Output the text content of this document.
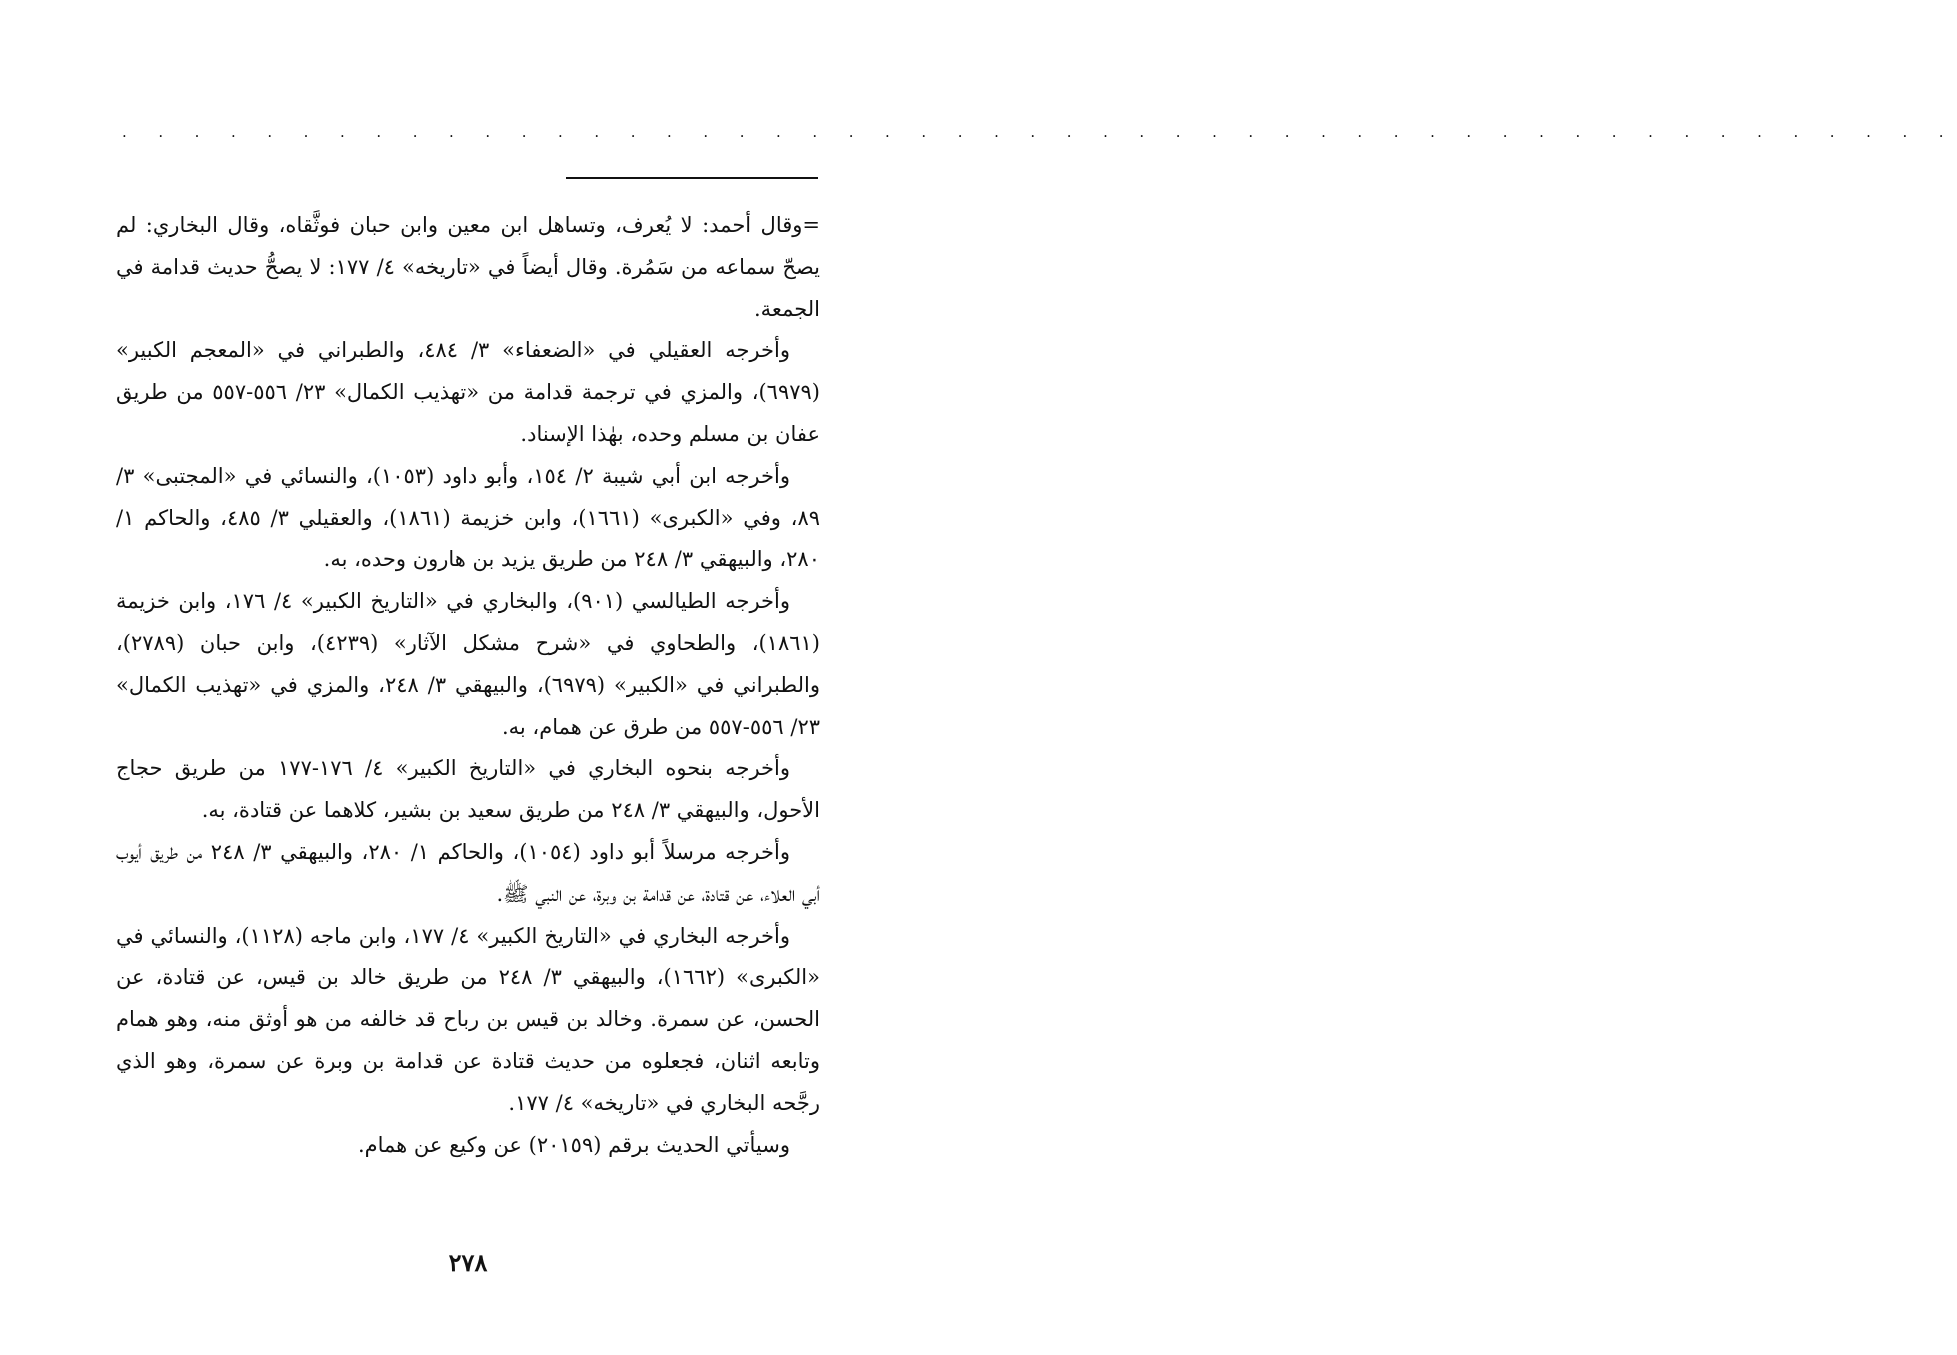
· · · · · · · · · · · · · · · · · · · · · · · · · · · · · · · · · · · · · · · · · · · · · · · · · · ·

=وقال أحمد: لا يُعرف، وتساهل ابن معين وابن حبان فوثَّقاه، وقال البخاري: لم يصحّ سماعه من سَمُرة. وقال أيضاً في «تاريخه» ٤/ ١٧٧: لا يصحُّ حديث قدامة في الجمعة.

وأخرجه العقيلي في «الضعفاء» ٣/ ٤٨٤، والطبراني في «المعجم الكبير» (٦٩٧٩)، والمزي في ترجمة قدامة من «تهذيب الكمال» ٢٣/ ٥٥٦-٥٥٧ من طريق عفان بن مسلم وحده، بهٰذا الإسناد.

وأخرجه ابن أبي شيبة ٢/ ١٥٤، وأبو داود (١٠٥٣)، والنسائي في «المجتبى» ٣/ ٨٩، وفي «الكبرى» (١٦٦١)، وابن خزيمة (١٨٦١)، والعقيلي ٣/ ٤٨٥، والحاكم ١/ ٢٨٠، والبيهقي ٣/ ٢٤٨ من طريق يزيد بن هارون وحده، به.

وأخرجه الطيالسي (٩٠١)، والبخاري في «التاريخ الكبير» ٤/ ١٧٦، وابن خزيمة (١٨٦١)، والطحاوي في «شرح مشكل الآثار» (٤٢٣٩)، وابن حبان (٢٧٨٩)، والطبراني في «الكبير» (٦٩٧٩)، والبيهقي ٣/ ٢٤٨، والمزي في «تهذيب الكمال» ٢٣/ ٥٥٦-٥٥٧ من طرق عن همام، به.

وأخرجه بنحوه البخاري في «التاريخ الكبير» ٤/ ١٧٦-١٧٧ من طريق حجاج الأحول، والبيهقي ٣/ ٢٤٨ من طريق سعيد بن بشير، كلاهما عن قتادة، به.

وأخرجه مرسلاً أبو داود (١٠٥٤)، والحاكم ١/ ٢٨٠، والبيهقي ٣/ ٢٤٨ من طريق أيوب أبي العلاء، عن قتادة، عن قدامة بن وبرة، عن النبي ﷺ.

وأخرجه البخاري في «التاريخ الكبير» ٤/ ١٧٧، وابن ماجه (١١٢٨)، والنسائي في «الكبرى» (١٦٦٢)، والبيهقي ٣/ ٢٤٨ من طريق خالد بن قيس، عن قتادة، عن الحسن، عن سمرة. وخالد بن قيس بن رباح قد خالفه من هو أوثق منه، وهو همام وتابعه اثنان، فجعلوه من حديث قتادة عن قدامة بن وبرة عن سمرة، وهو الذي رجَّحه البخاري في «تاريخه» ٤/ ١٧٧.

وسيأتي الحديث برقم (٢٠١٥٩) عن وكيع عن همام.

٢٧٨
